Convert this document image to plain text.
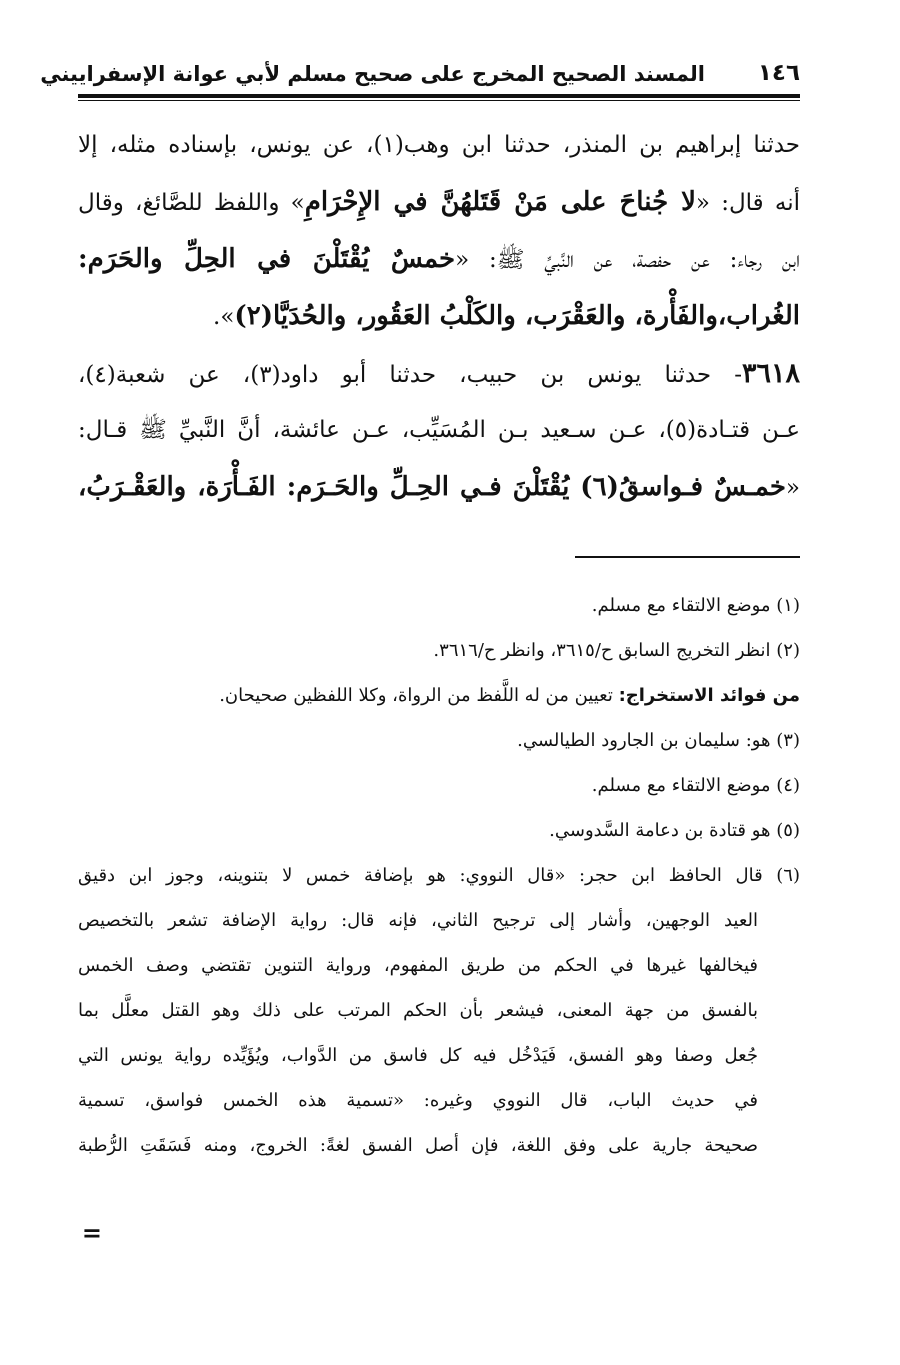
١٤٦
المسند الصحيح المخرج على صحيح مسلم لأبي عوانة الإسفراييني
حدثنا إبراهيم بن المنذر، حدثنا ابن وهب(١)، عن يونس، بإسناده مثله، إلا
أنه قال: «لا جُناحَ على مَنْ قَتَلهُنَّ في الإِحْرَامِ» واللفظ للصَّائغ، وقال
ابن رجاء: عن حفصة، عن النَّبيِّ ﷺ: «خمسٌ يُقْتَلْنَ في الحِلِّ والحَرَم:
الغُراب،والفَأْرة، والعَقْرَب، والكَلْبُ العَقُور، والحُدَيَّا(٢)».
٣٦١٨- حدثنا يونس بن حبيب، حدثنا أبو داود(٣)، عن شعبة(٤)،
عـن قتـادة(٥)، عـن سـعيد بـن المُسَيِّب، عـن عائشة، أنَّ النَّبيِّ ﷺ قـال:
«خمـسٌ فـواسقُ(٦) يُقْتَلْنَ فـي الحِـلِّ والحَـرَم: الفَـأْرَة، والعَقْـرَبُ،
(١) موضع الالتقاء مع مسلم.
(٢) انظر التخريج السابق ح/٣٦١٥، وانظر ح/٣٦١٦.
من فوائد الاستخراج: تعيين من له اللَّفظ من الرواة، وكلا اللفظين صحيحان.
(٣) هو: سليمان بن الجارود الطيالسي.
(٤) موضع الالتقاء مع مسلم.
(٥) هو قتادة بن دعامة السَّدوسي.
(٦) قال الحافظ ابن حجر: «قال النووي: هو بإضافة خمس لا بتنوينه، وجوز ابن دقيق
العيد الوجهين، وأشار إلى ترجيح الثاني، فإنه قال: رواية الإضافة تشعر بالتخصيص
فيخالفها غيرها في الحكم من طريق المفهوم، ورواية التنوين تقتضي وصف الخمس
بالفسق من جهة المعنى، فيشعر بأن الحكم المرتب على ذلك وهو القتل معلَّل بما
جُعل وصفا وهو الفسق، فَيَدْخُل فيه كل فاسق من الدَّواب، ويُؤَيِّده رواية يونس التي
في حديث الباب، قال النووي وغيره: «تسمية هذه الخمس فواسق، تسمية
صحيحة جارية على وفق اللغة، فإن أصل الفسق لغةً: الخروج، ومنه فَسَقَتِ الرُّطبة
=
